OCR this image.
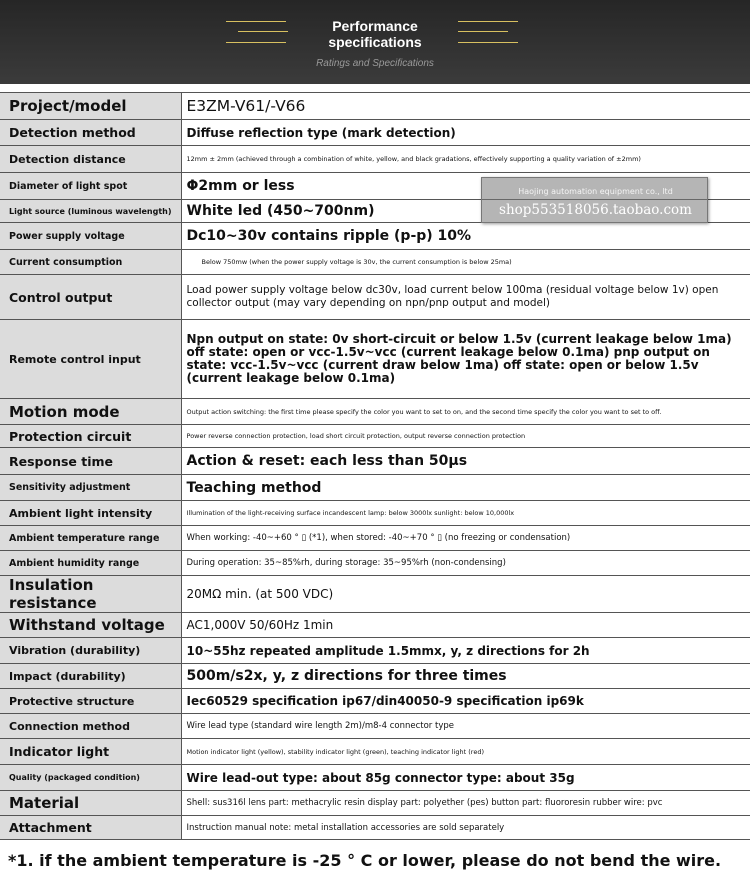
Performance
specifications
Ratings and Specifications
Project/model	E3ZM-V61/-V66
Detection method	Diffuse reflection type (mark detection)
Detection distance	12mm ± 2mm (achieved through a combination of white, yellow, and black gradations, effectively supporting a quality variation of ±2mm)
Diameter of light spot	Φ2mm or less
Light source (luminous wavelength)	White led (450~700nm)
Power supply voltage	Dc10~30v contains ripple (p-p) 10%
Current consumption	Below 750mw (when the power supply voltage is 30v, the current consumption is below 25ma)
Control output	Load power supply voltage below dc30v, load current below 100ma (residual voltage below 1v) open collector output (may vary depending on npn/pnp output and model)
Remote control input	Npn output on state: 0v short-circuit or below 1.5v (current leakage below 1ma) off state: open or vcc-1.5v~vcc (current leakage below 0.1ma) pnp output on state: vcc-1.5v~vcc (current draw below 1ma) off state: open or below 1.5v (current leakage below 0.1ma)
Motion mode	Output action switching: the first time please specify the color you want to set to on, and the second time specify the color you want to set to off.
Protection circuit	Power reverse connection protection, load short circuit protection, output reverse connection protection
Response time	Action & reset: each less than 50μs
Sensitivity adjustment	Teaching method
Ambient light intensity	Illumination of the light-receiving surface incandescent lamp: below 3000lx sunlight: below 10,000lx
Ambient temperature range	When working: -40~+60 ° ▯ (*1), when stored: -40~+70 ° ▯ (no freezing or condensation)
Ambient humidity range	During operation: 35~85%rh, during storage: 35~95%rh (non-condensing)
Insulation resistance	20MΩ min. (at 500 VDC)
Withstand voltage	AC1,000V 50/60Hz 1min
Vibration (durability)	10~55hz repeated amplitude 1.5mmx, y, z directions for 2h
Impact (durability)	500m/s2x, y, z directions for three times
Protective structure	Iec60529 specification ip67/din40050-9 specification ip69k
Connection method	Wire lead type (standard wire length 2m)/m8-4 connector type
Indicator light	Motion indicator light (yellow), stability indicator light (green), teaching indicator light (red)
Quality (packaged condition)	Wire lead-out type: about 85g connector type: about 35g
Material	Shell: sus316l lens part: methacrylic resin display part: polyether (pes) button part: fluororesin rubber wire: pvc
Attachment	Instruction manual note: metal installation accessories are sold separately
Haojing automation equipment co., ltd
shop553518056.taobao.com
*1. if the ambient temperature is -25 ° C or lower, please do not bend the wire.
